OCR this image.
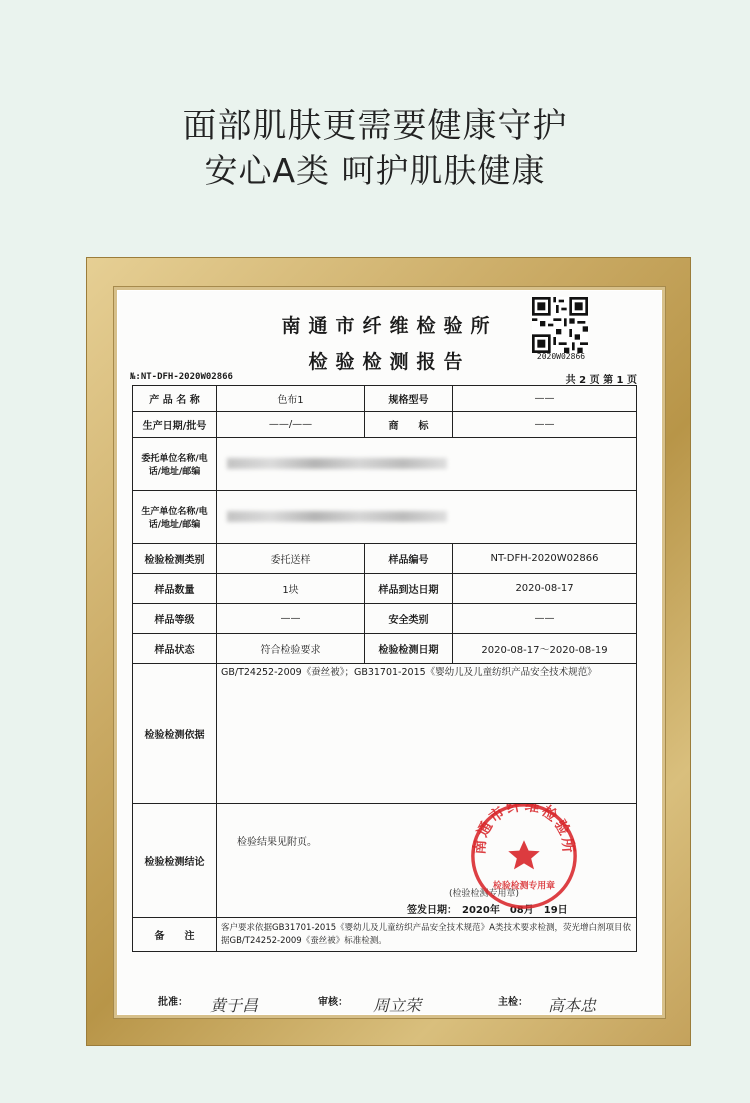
面部肌肤更需要健康守护
安心A类 呵护肌肤健康
南通市纤维检验所
检验检测报告	2020W02866
№:NT-DFH-2020W02866	共 2 页 第 1 页
产 品 名 称	色布1	规格型号	——
生产日期/批号	——/——	商　　标	——
委托单位名称/电话/地址/邮编			
生产单位名称/电话/地址/邮编			
检验检测类别	委托送样	样品编号	NT-DFH-2020W02866
样品数量	1块	样品到达日期	2020-08-17
样品等级	——	安全类别	——
样品状态	符合检验要求	检验检测日期	2020-08-17～2020-08-19
检验检测依据	GB/T24252-2009《蚕丝被》；GB31701-2015《婴幼儿及儿童纺织产品安全技术规范》		

检验检测结论	检验结果见附页。
(检验检测专用章)
签发日期：　2020年　08月　19日
南通市纤维检验所
检验检测专用章		

备　　注	客户要求依据GB31701-2015《婴幼儿及儿童纺织产品安全技术规范》A类技术要求检测，荧光增白剂项目依据GB/T24252-2009《蚕丝被》标准检测。		
批准： 黄于昌	审核： 周立荣	主检： 高本忠
